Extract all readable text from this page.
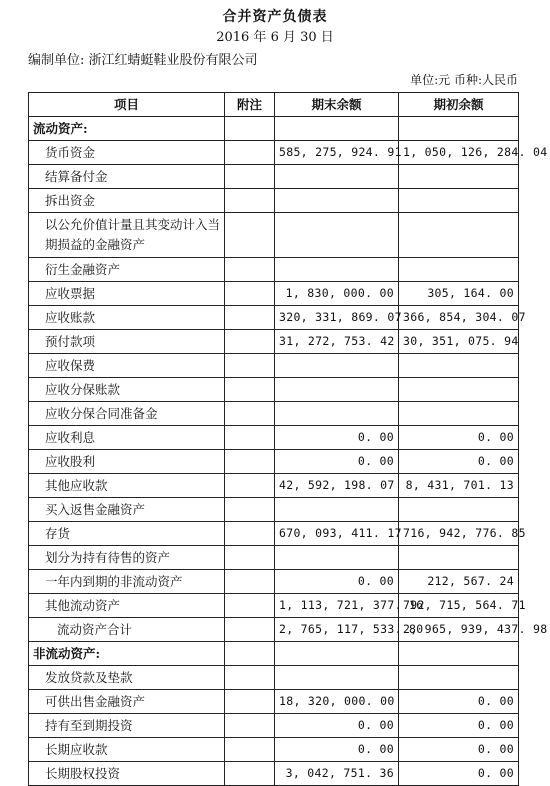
合并资产负债表
2016 年 6 月 30 日
编制单位: 浙江红蜻蜓鞋业股份有限公司
单位:元 币种:人民币
项目	附注	期末余额	期初余额
流动资产:			
货币资金		585, 275, 924. 91	1, 050, 126, 284. 04
结算备付金			
拆出资金			
以公允价值计量且其变动计入当期损益的金融资产			
衍生金融资产			
应收票据		1, 830, 000. 00	305, 164. 00
应收账款		320, 331, 869. 07	366, 854, 304. 07
预付款项		31, 272, 753. 42	30, 351, 075. 94
应收保费			
应收分保账款			
应收分保合同准备金			
应收利息		0. 00	0. 00
应收股利		0. 00	0. 00
其他应收款		42, 592, 198. 07	8, 431, 701. 13
买入返售金融资产			
存货		670, 093, 411. 17	716, 942, 776. 85
划分为持有待售的资产			
一年内到期的非流动资产		0. 00	212, 567. 24
其他流动资产		1, 113, 721, 377. 16	792, 715, 564. 71
流动资产合计		2, 765, 117, 533. 80	2, 965, 939, 437. 98
非流动资产:			
发放贷款及垫款			
可供出售金融资产		18, 320, 000. 00	0. 00
持有至到期投资		0. 00	0. 00
长期应收款		0. 00	0. 00
长期股权投资		3, 042, 751. 36	0. 00
